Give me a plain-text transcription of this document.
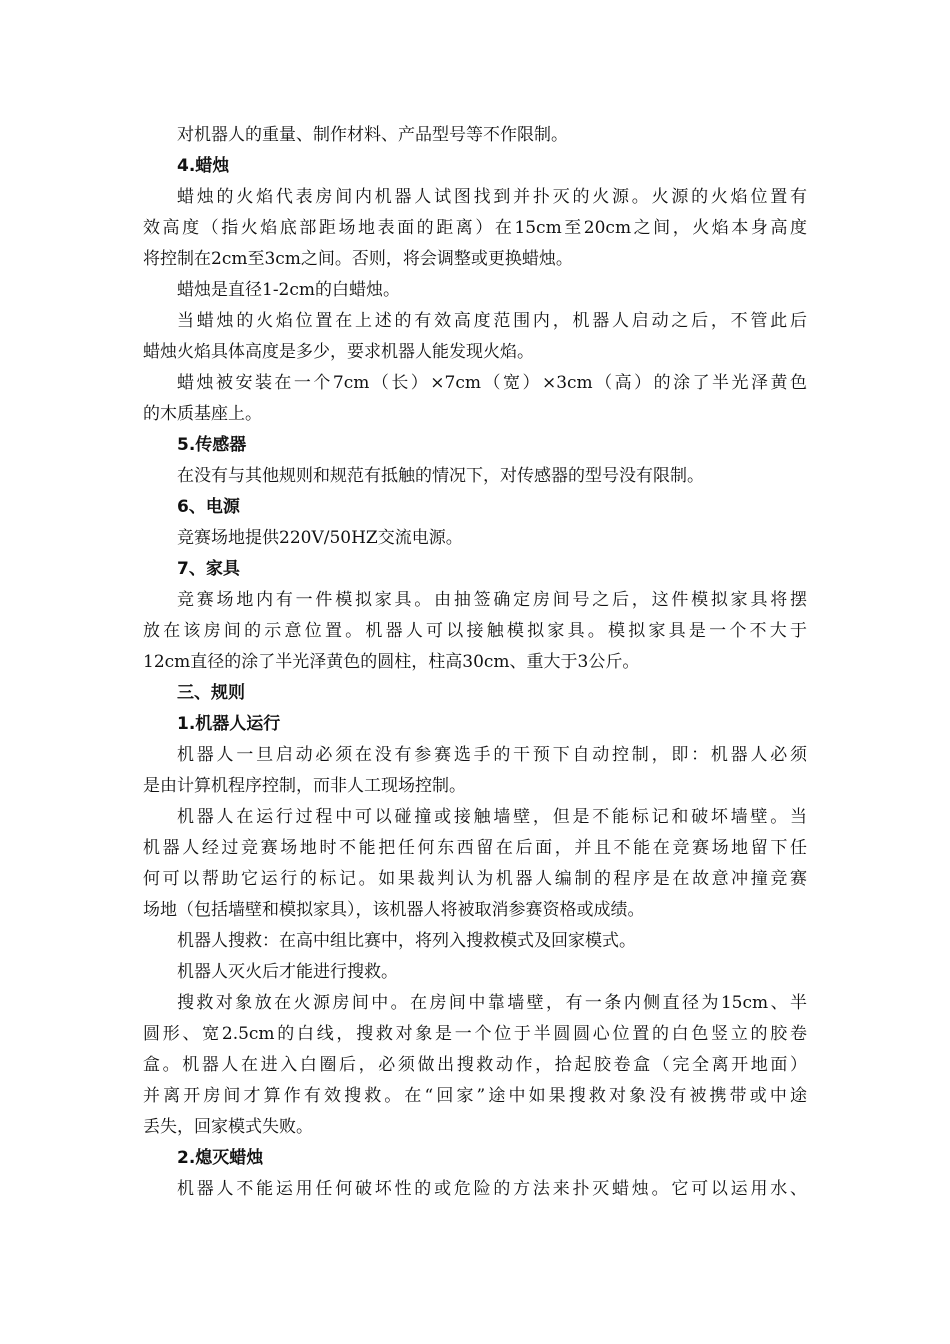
对机器人的重量、制作材料、产品型号等不作限制。
4.蜡烛
蜡烛的火焰代表房间内机器人试图找到并扑灭的火源。火源的火焰位置有
效高度（指火焰底部距场地表面的距离）在15cm至20cm之间，火焰本身高度
将控制在2cm至3cm之间。否则，将会调整或更换蜡烛。
蜡烛是直径1-2cm的白蜡烛。
当蜡烛的火焰位置在上述的有效高度范围内，机器人启动之后，不管此后
蜡烛火焰具体高度是多少，要求机器人能发现火焰。
蜡烛被安装在一个7cm（长）×7cm（宽）×3cm（高）的涂了半光泽黄色
的木质基座上。
5.传感器
在没有与其他规则和规范有抵触的情况下，对传感器的型号没有限制。
6、电源
竞赛场地提供220V/50HZ交流电源。
7、家具
竞赛场地内有一件模拟家具。由抽签确定房间号之后，这件模拟家具将摆
放在该房间的示意位置。机器人可以接触模拟家具。模拟家具是一个不大于
12cm直径的涂了半光泽黄色的圆柱，柱高30cm、重大于3公斤。
三、规则
1.机器人运行
机器人一旦启动必须在没有参赛选手的干预下自动控制，即：机器人必须
是由计算机程序控制，而非人工现场控制。
机器人在运行过程中可以碰撞或接触墙壁，但是不能标记和破坏墙壁。当
机器人经过竞赛场地时不能把任何东西留在后面，并且不能在竞赛场地留下任
何可以帮助它运行的标记。如果裁判认为机器人编制的程序是在故意冲撞竞赛
场地（包括墙壁和模拟家具），该机器人将被取消参赛资格或成绩。
机器人搜救：在高中组比赛中，将列入搜救模式及回家模式。
机器人灭火后才能进行搜救。
搜救对象放在火源房间中。在房间中靠墙壁，有一条内侧直径为15cm、半
圆形、宽2.5cm的白线，搜救对象是一个位于半圆圆心位置的白色竖立的胶卷
盒。机器人在进入白圈后，必须做出搜救动作，拾起胶卷盒（完全离开地面）
并离开房间才算作有效搜救。在“回家”途中如果搜救对象没有被携带或中途
丢失，回家模式失败。
2.熄灭蜡烛
机器人不能运用任何破坏性的或危险的方法来扑灭蜡烛。它可以运用水、
